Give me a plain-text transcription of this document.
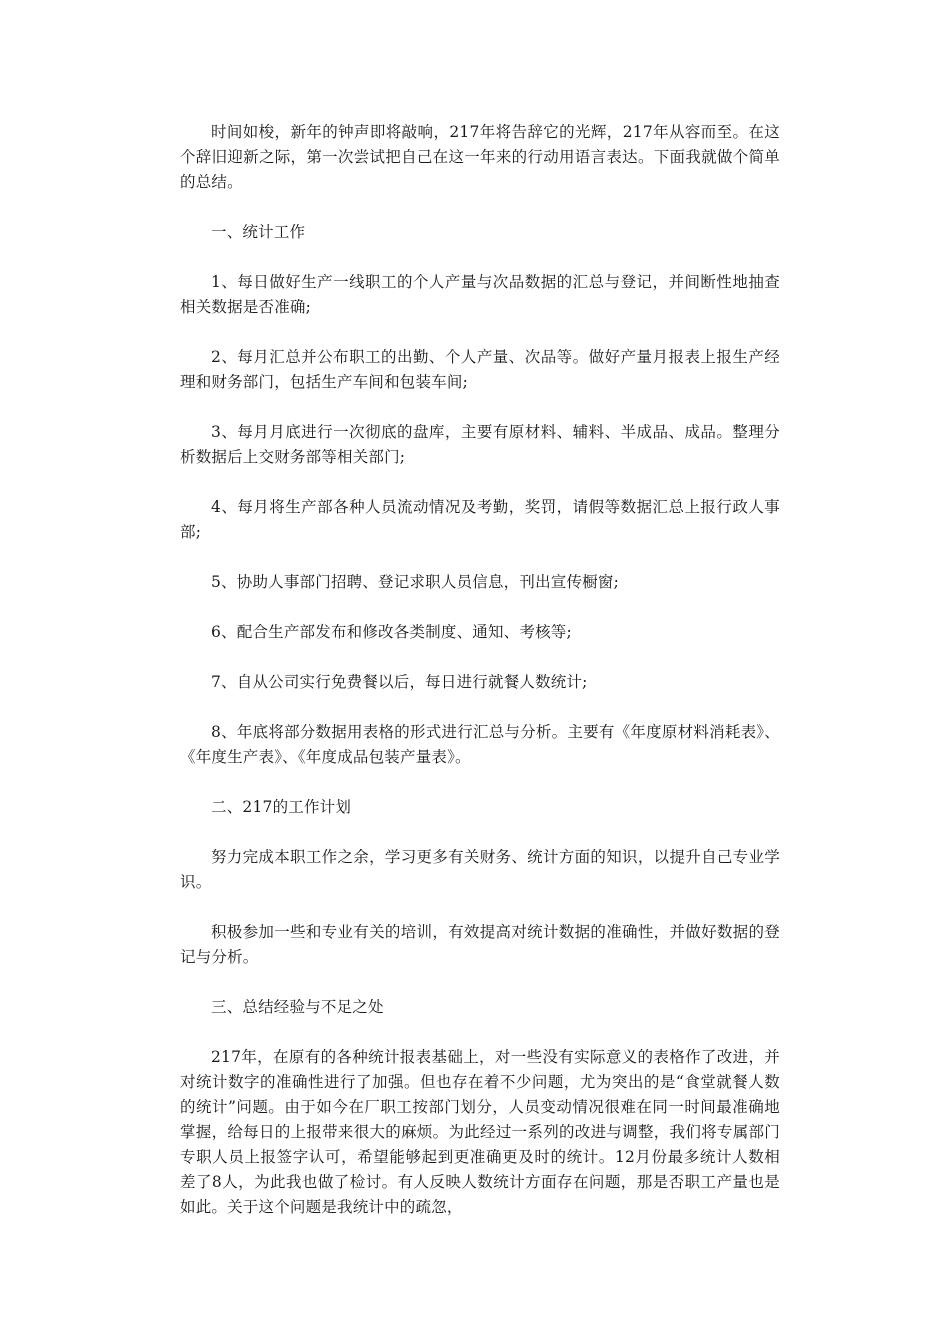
时间如梭，新年的钟声即将敲响，217年将告辞它的光辉，217年从容而至。在这个辞旧迎新之际，第一次尝试把自己在这一年来的行动用语言表达。下面我就做个简单的总结。

一、统计工作

1、每日做好生产一线职工的个人产量与次品数据的汇总与登记，并间断性地抽查相关数据是否准确;

2、每月汇总并公布职工的出勤、个人产量、次品等。做好产量月报表上报生产经理和财务部门，包括生产车间和包装车间;

3、每月月底进行一次彻底的盘库，主要有原材料、辅料、半成品、成品。整理分析数据后上交财务部等相关部门;

4、每月将生产部各种人员流动情况及考勤，奖罚，请假等数据汇总上报行政人事部;

5、协助人事部门招聘、登记求职人员信息，刊出宣传橱窗;

6、配合生产部发布和修改各类制度、通知、考核等;

7、自从公司实行免费餐以后，每日进行就餐人数统计;

8、年底将部分数据用表格的形式进行汇总与分析。主要有《年度原材料消耗表》、《年度生产表》、《年度成品包装产量表》。

二、217的工作计划

努力完成本职工作之余，学习更多有关财务、统计方面的知识，以提升自己专业学识。

积极参加一些和专业有关的培训，有效提高对统计数据的准确性，并做好数据的登记与分析。

三、总结经验与不足之处

217年，在原有的各种统计报表基础上，对一些没有实际意义的表格作了改进，并对统计数字的准确性进行了加强。但也存在着不少问题，尤为突出的是“食堂就餐人数的统计”问题。由于如今在厂职工按部门划分，人员变动情况很难在同一时间最准确地掌握，给每日的上报带来很大的麻烦。为此经过一系列的改进与调整，我们将专属部门专职人员上报签字认可，希望能够起到更准确更及时的统计。12月份最多统计人数相差了8人，为此我也做了检讨。有人反映人数统计方面存在问题，那是否职工产量也是如此。关于这个问题是我统计中的疏忽，
